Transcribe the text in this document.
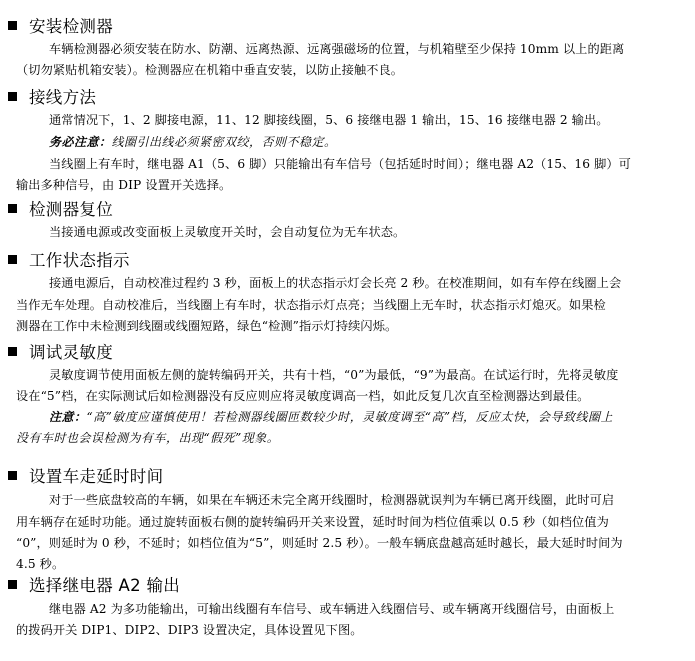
安装检测器
车辆检测器必须安装在防水、防潮、远离热源、远离强磁场的位置，与机箱壁至少保持 10mm 以上的距离
（切勿紧贴机箱安装）。检测器应在机箱中垂直安装，以防止接触不良。
接线方法
通常情况下，1、2 脚接电源，11、12 脚接线圈，5、6 接继电器 1 输出，15、16 接继电器 2 输出。
务必注意：线圈引出线必须紧密双绞，否则不稳定。
当线圈上有车时，继电器 A1（5、6 脚）只能输出有车信号（包括延时时间）；继电器 A2（15、16 脚）可
输出多种信号，由 DIP 设置开关选择。
检测器复位
当接通电源或改变面板上灵敏度开关时，会自动复位为无车状态。
工作状态指示
接通电源后，自动校准过程约 3 秒，面板上的状态指示灯会长亮 2 秒。在校准期间，如有车停在线圈上会
当作无车处理。自动校准后，当线圈上有车时，状态指示灯点亮；当线圈上无车时，状态指示灯熄灭。如果检
测器在工作中未检测到线圈或线圈短路，绿色“检测”指示灯持续闪烁。
调试灵敏度
灵敏度调节使用面板左侧的旋转编码开关，共有十档，“0”为最低，“9”为最高。在试运行时，先将灵敏度
设在“5”档，在实际测试后如检测器没有反应则应将灵敏度调高一档，如此反复几次直至检测器达到最佳。
注意：“高”敏度应谨慎使用！若检测器线圈匝数较少时，灵敏度调至“高”档，反应太快，会导致线圈上
没有车时也会误检测为有车，出现“假死”现象。
设置车走延时时间
对于一些底盘较高的车辆，如果在车辆还未完全离开线圈时，检测器就误判为车辆已离开线圈，此时可启
用车辆存在延时功能。通过旋转面板右侧的旋转编码开关来设置，延时时间为档位值乘以 0.5 秒（如档位值为
“0”，则延时为 0 秒，不延时；如档位值为“5”，则延时 2.5 秒）。一般车辆底盘越高延时越长，最大延时时间为
4.5 秒。
选择继电器 A2 输出
继电器 A2 为多功能输出，可输出线圈有车信号、或车辆进入线圈信号、或车辆离开线圈信号，由面板上
的拨码开关 DIP1、DIP2、DIP3 设置决定，具体设置见下图。
